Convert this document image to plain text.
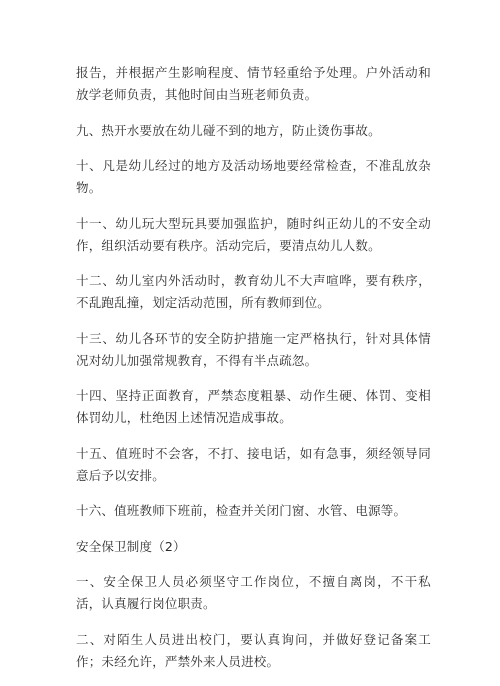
报告，并根据产生影响程度、情节轻重给予处理。户外活动和放学老师负责，其他时间由当班老师负责。

九、热开水要放在幼儿碰不到的地方，防止烫伤事故。

十、凡是幼儿经过的地方及活动场地要经常检查，不准乱放杂物。

十一、幼儿玩大型玩具要加强监护，随时纠正幼儿的不安全动作，组织活动要有秩序。活动完后，要清点幼儿人数。

十二、幼儿室内外活动时，教育幼儿不大声喧哗，要有秩序，不乱跑乱撞，划定活动范围，所有教师到位。

十三、幼儿各环节的安全防护措施一定严格执行，针对具体情况对幼儿加强常规教育，不得有半点疏忽。

十四、坚持正面教育，严禁态度粗暴、动作生硬、体罚、变相体罚幼儿，杜绝因上述情况造成事故。

十五、值班时不会客，不打、接电话，如有急事，须经领导同意后予以安排。

十六、值班教师下班前，检查并关闭门窗、水管、电源等。

安全保卫制度（2）

一、安全保卫人员必须坚守工作岗位，不擅自离岗，不干私活，认真履行岗位职责。

二、对陌生人员进出校门，要认真询问，并做好登记备案工作；未经允许，严禁外来人员进校。
